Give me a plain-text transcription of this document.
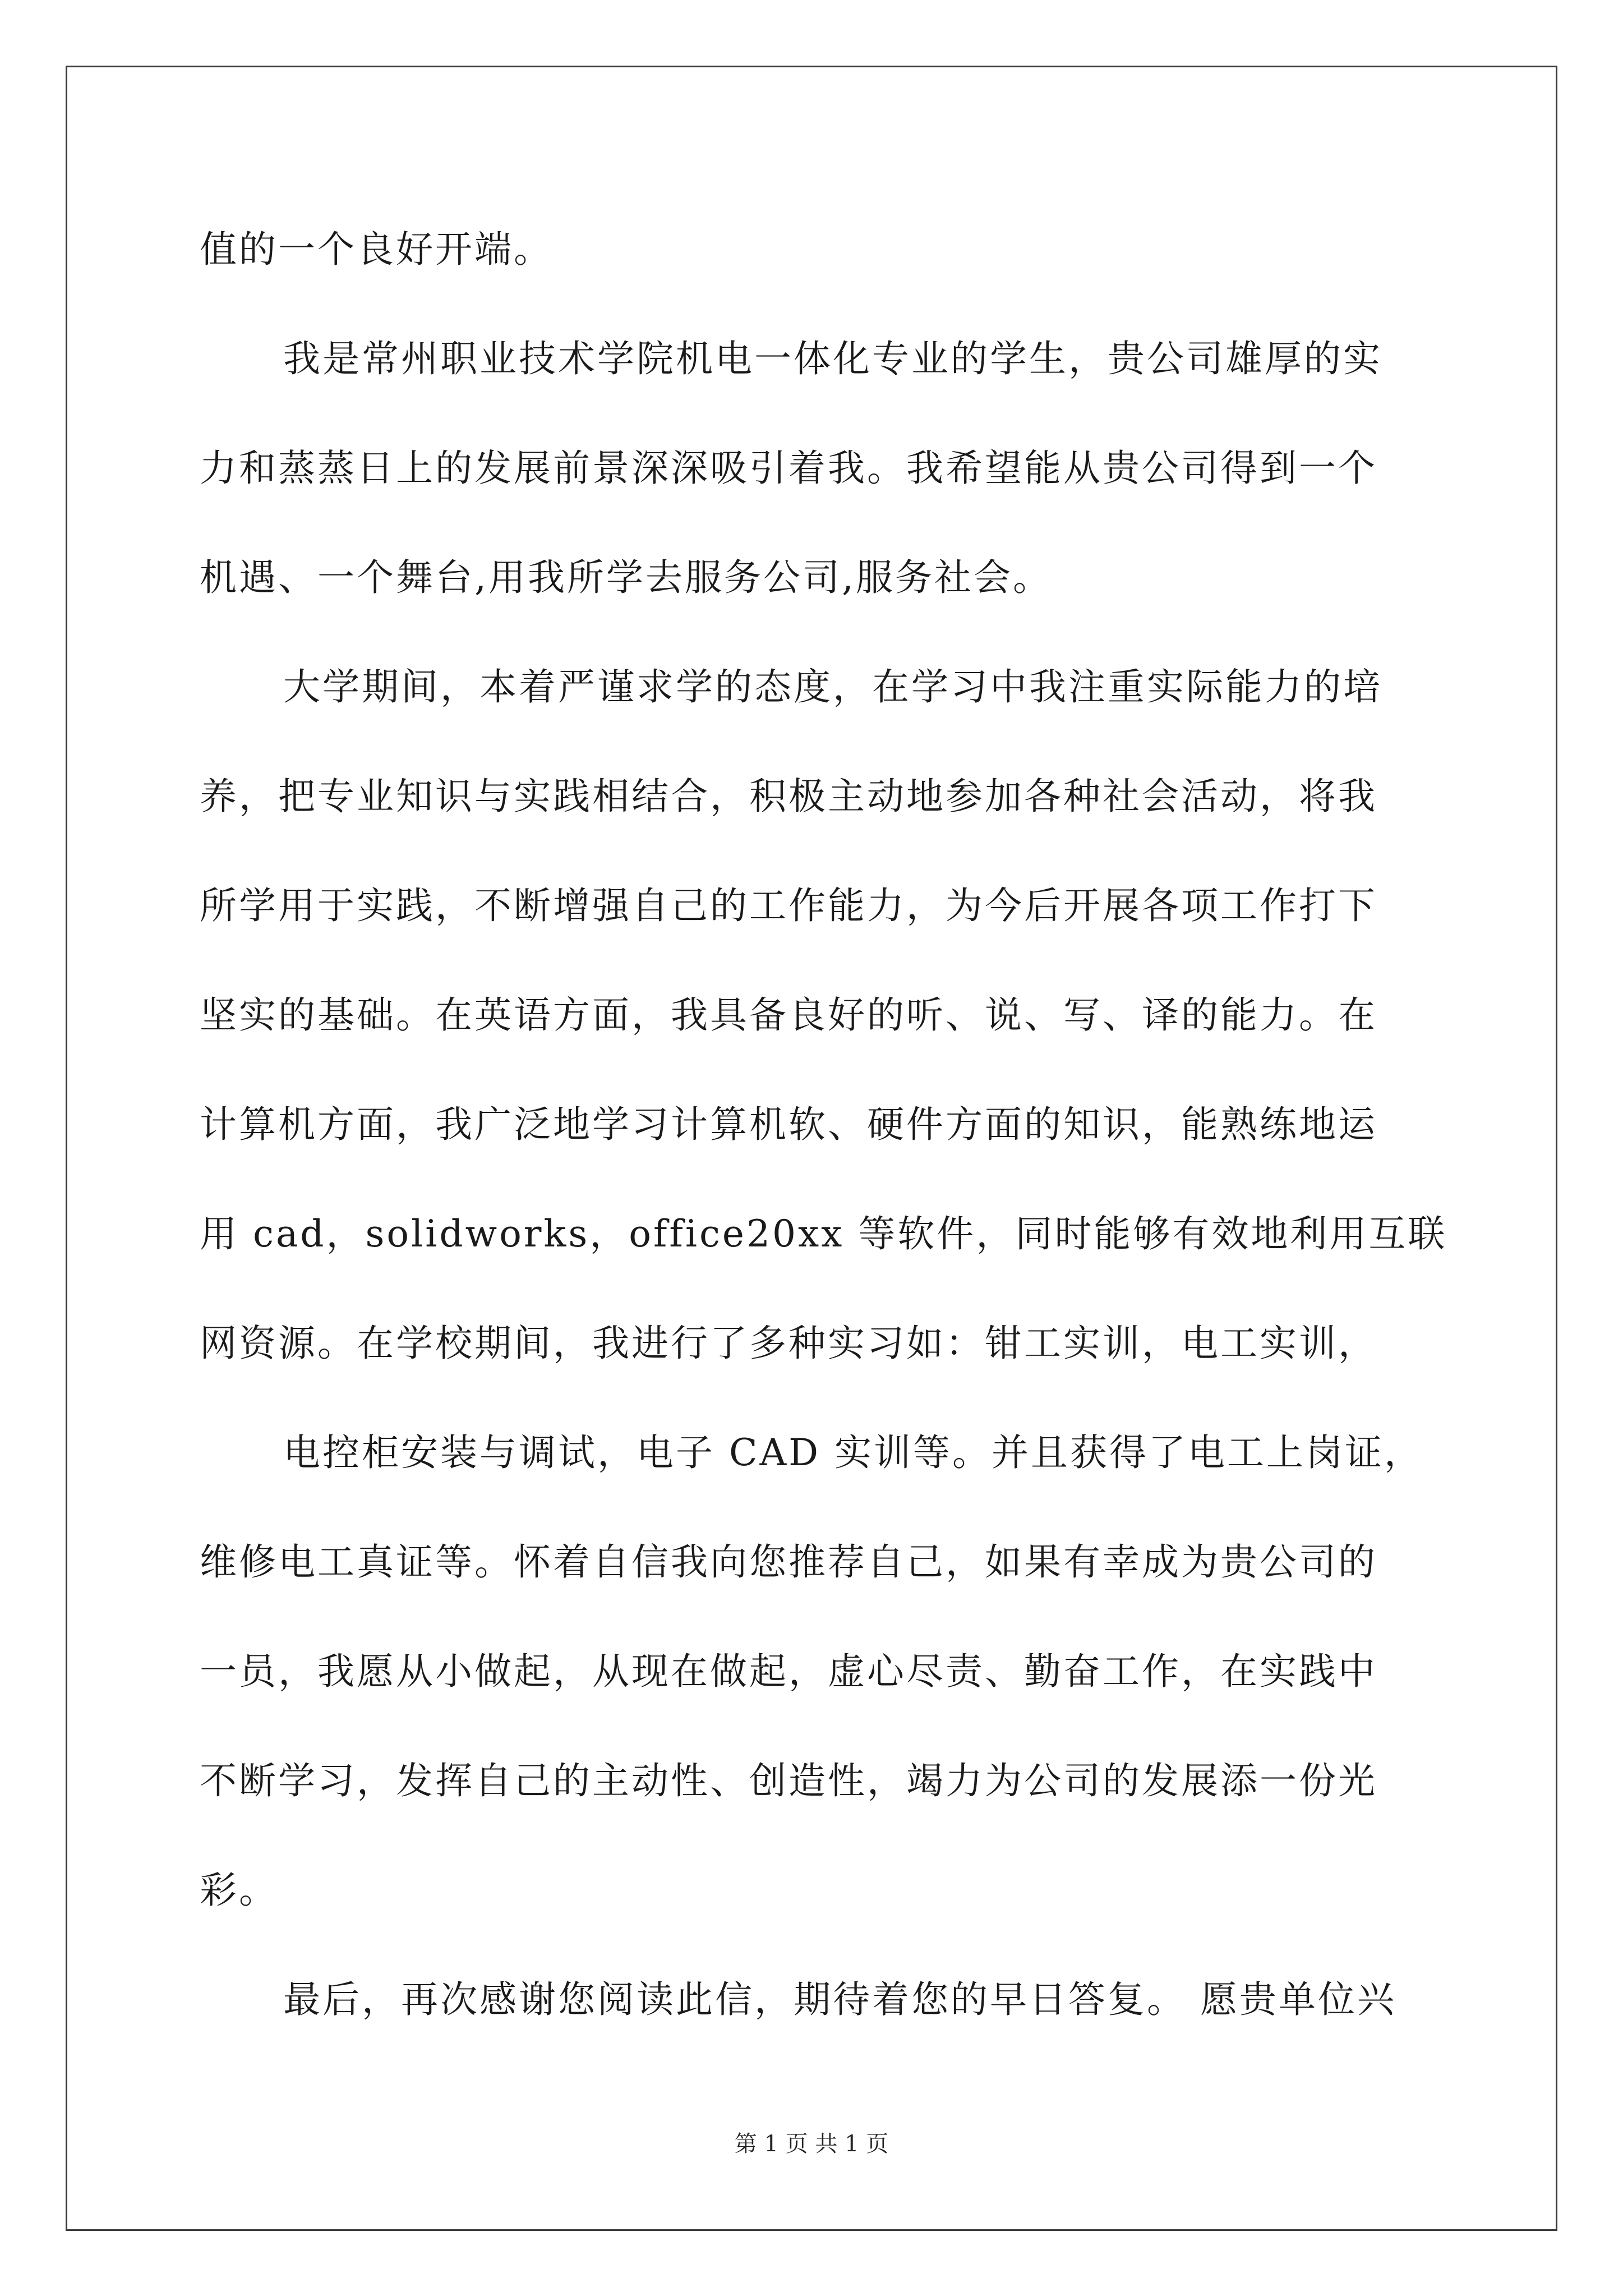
值的一个良好开端。
我是常州职业技术学院机电一体化专业的学生，贵公司雄厚的实
力和蒸蒸日上的发展前景深深吸引着我。我希望能从贵公司得到一个
机遇、一个舞台,用我所学去服务公司,服务社会。
大学期间，本着严谨求学的态度，在学习中我注重实际能力的培
养，把专业知识与实践相结合，积极主动地参加各种社会活动，将我
所学用于实践，不断增强自己的工作能力，为今后开展各项工作打下
坚实的基础。在英语方面，我具备良好的听、说、写、译的能力。在
计算机方面，我广泛地学习计算机软、硬件方面的知识，能熟练地运
用 cad，solidworks，office20xx 等软件，同时能够有效地利用互联
网资源。在学校期间，我进行了多种实习如：钳工实训，电工实训，
电控柜安装与调试，电子 CAD 实训等。并且获得了电工上岗证，
维修电工真证等。怀着自信我向您推荐自己，如果有幸成为贵公司的
一员，我愿从小做起，从现在做起，虚心尽责、勤奋工作，在实践中
不断学习，发挥自己的主动性、创造性，竭力为公司的发展添一份光
彩。
最后，再次感谢您阅读此信，期待着您的早日答复。 愿贵单位兴
第 1 页 共 1 页
